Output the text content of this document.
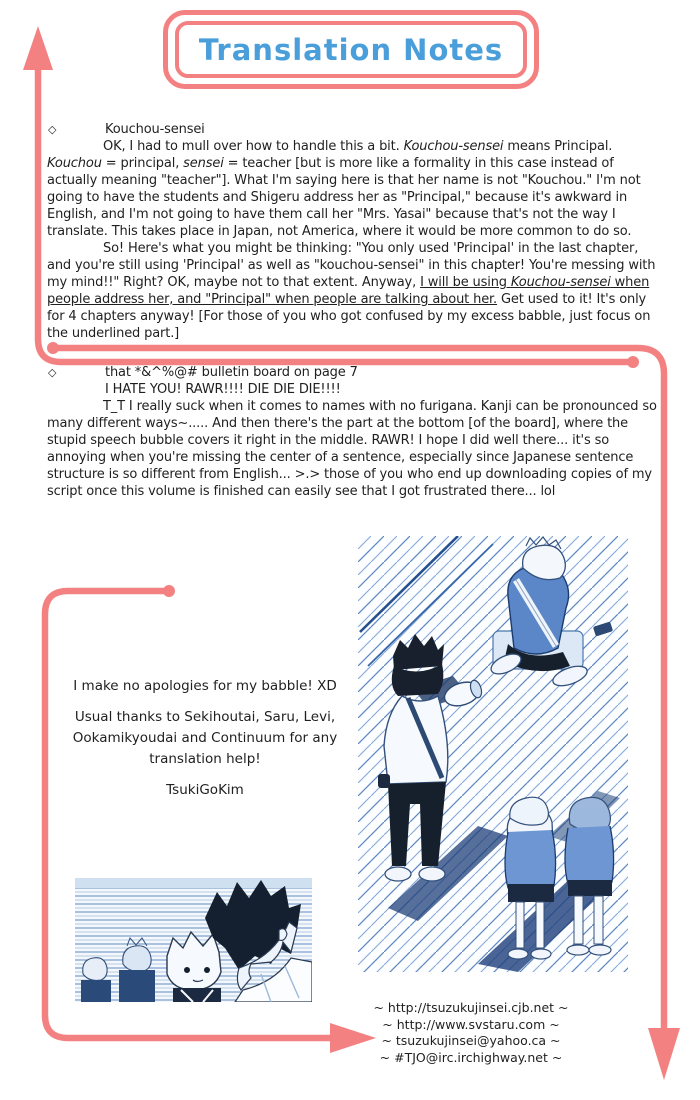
Translation Notes
◇	Kouchou-sensei

OK, I had to mull over how to handle this a bit. Kouchou-sensei means Principal. Kouchou = principal, sensei = teacher [but is more like a formality in this case instead of actually meaning "teacher"]. What I'm saying here is that her name is not "Kouchou." I'm not going to have the students and Shigeru address her as "Principal," because it's awkward in English, and I'm not going to have them call her "Mrs. Yasai" because that's not the way I translate. This takes place in Japan, not America, where it would be more common to do so.

So! Here's what you might be thinking: "You only used 'Principal' in the last chapter, and you're still using 'Principal' as well as "kouchou-sensei" in this chapter! You're messing with my mind!!" Right? OK, maybe not to that extent. Anyway, I will be using Kouchou-sensei when people address her, and "Principal" when people are talking about her. Get used to it! It's only for 4 chapters anyway! [For those of you who got confused by my excess babble, just focus on the underlined part.]

◇	that *&^%@# bulletin board on page 7
I HATE YOU! RAWR!!!! DIE DIE DIE!!!!

T_T I really suck when it comes to names with no furigana. Kanji can be pronounced so many different ways~..... And then there's the part at the bottom [of the board], where the stupid speech bubble covers it right in the middle. RAWR! I hope I did well there... it's so annoying when you're missing the center of a sentence, especially since Japanese sentence structure is so different from English... >.> those of you who end up downloading copies of my script once this volume is finished can easily see that I got frustrated there... lol

I make no apologies for my babble! XD
Usual thanks to Sekihoutai, Saru, Levi,
Ookamikyoudai and Continuum for any
translation help!
TsukiGoKim
~ http://tsuzukujinsei.cjb.net ~
~ http://www.svstaru.com ~
~ tsuzukujinsei@yahoo.ca ~
~ #TJO@irc.irchighway.net ~
